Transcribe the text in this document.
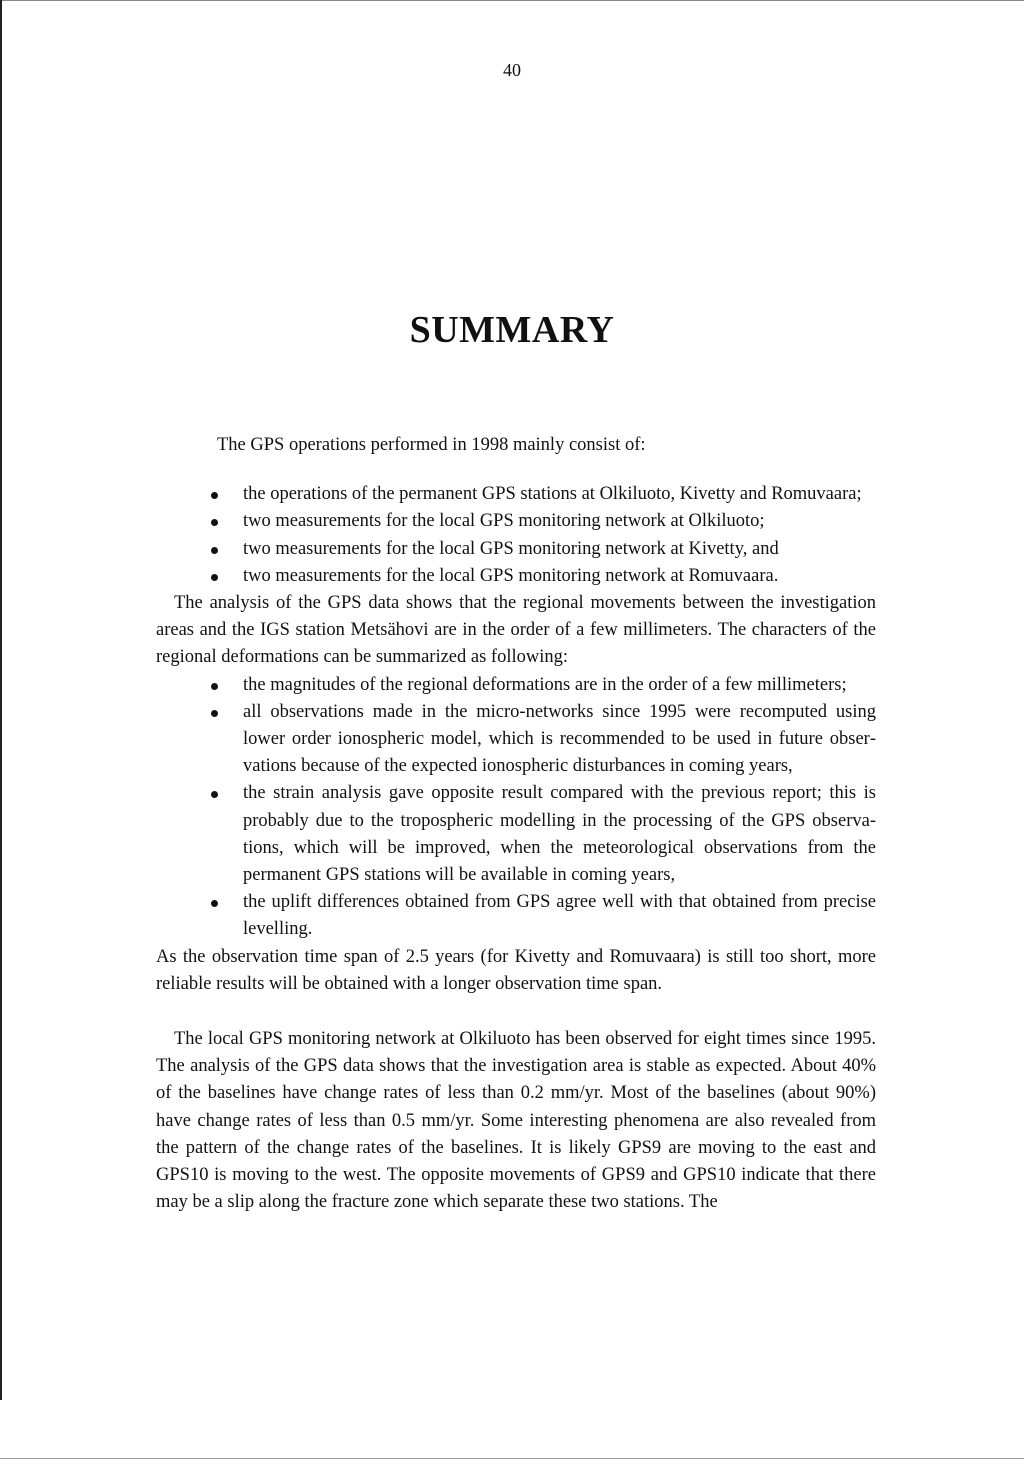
40
SUMMARY

The GPS operations performed in 1998 mainly consist of:

the operations of the permanent GPS stations at Olkiluoto, Kivetty and Romuvaara;
two measurements for the local GPS monitoring network at Olkiluoto;
two measurements for the local GPS monitoring network at Kivetty, and
two measurements for the local GPS monitoring network at Romuvaara.

The analysis of the GPS data shows that the regional movements between the investigation areas and the IGS station Metsähovi are in the order of a few millimeters. The characters of the regional deformations can be summarized as following:

the magnitudes of the regional deformations are in the order of a few millimeters;
all observations made in the micro-networks since 1995 were recomputed using lower order ionospheric model, which is recommended to be used in future observations because of the expected ionospheric disturbances in coming years,
the strain analysis gave opposite result compared with the previous report; this is probably due to the tropospheric modelling in the processing of the GPS observations, which will be improved, when the meteorological observations from the permanent GPS stations will be available in coming years,
the uplift differences obtained from GPS agree well with that obtained from precise levelling.

As the observation time span of 2.5 years (for Kivetty and Romuvaara) is still too short, more reliable results will be obtained with a longer observation time span.

The local GPS monitoring network at Olkiluoto has been observed for eight times since 1995. The analysis of the GPS data shows that the investigation area is stable as expected. About 40% of the baselines have change rates of less than 0.2 mm/yr. Most of the baselines (about 90%) have change rates of less than 0.5 mm/yr. Some interesting phenomena are also revealed from the pattern of the change rates of the baselines. It is likely GPS9 are moving to the east and GPS10 is moving to the west. The opposite movements of GPS9 and GPS10 indicate that there may be a slip along the fracture zone which separate these two stations. The
